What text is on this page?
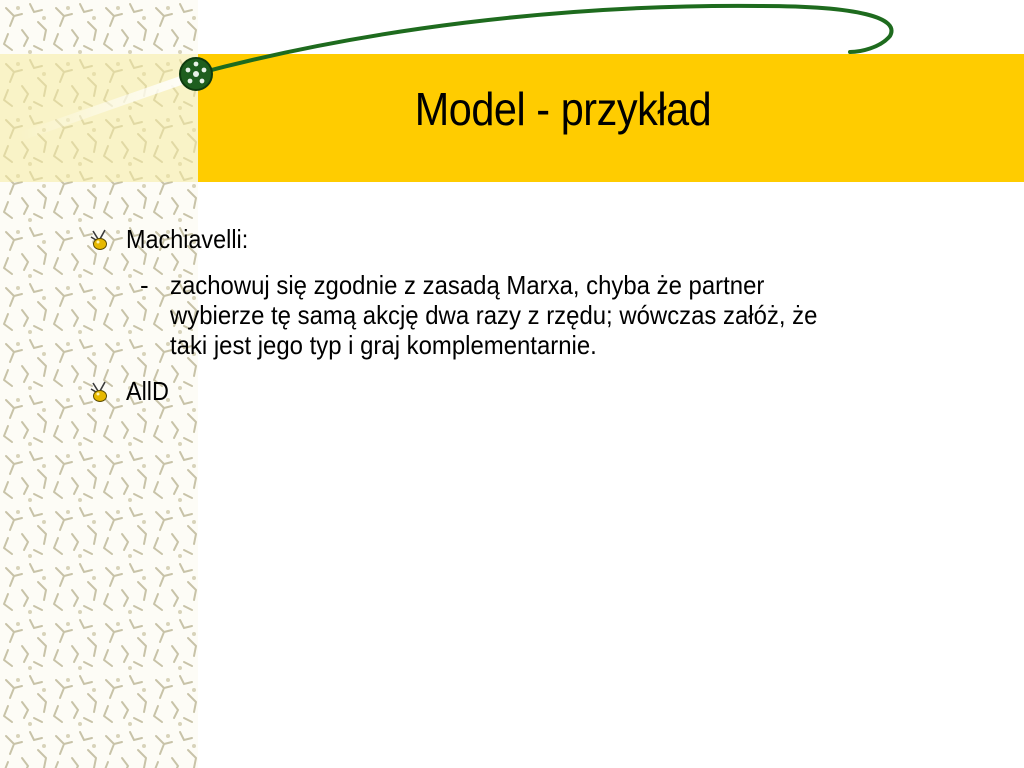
Model - przykład
Machiavelli:
- zachowuj się zgodnie z zasadą Marxa, chyba że partner
wybierze tę samą akcję dwa razy z rzędu; wówczas załóż, że
taki jest jego typ i graj komplementarnie.
AllD
